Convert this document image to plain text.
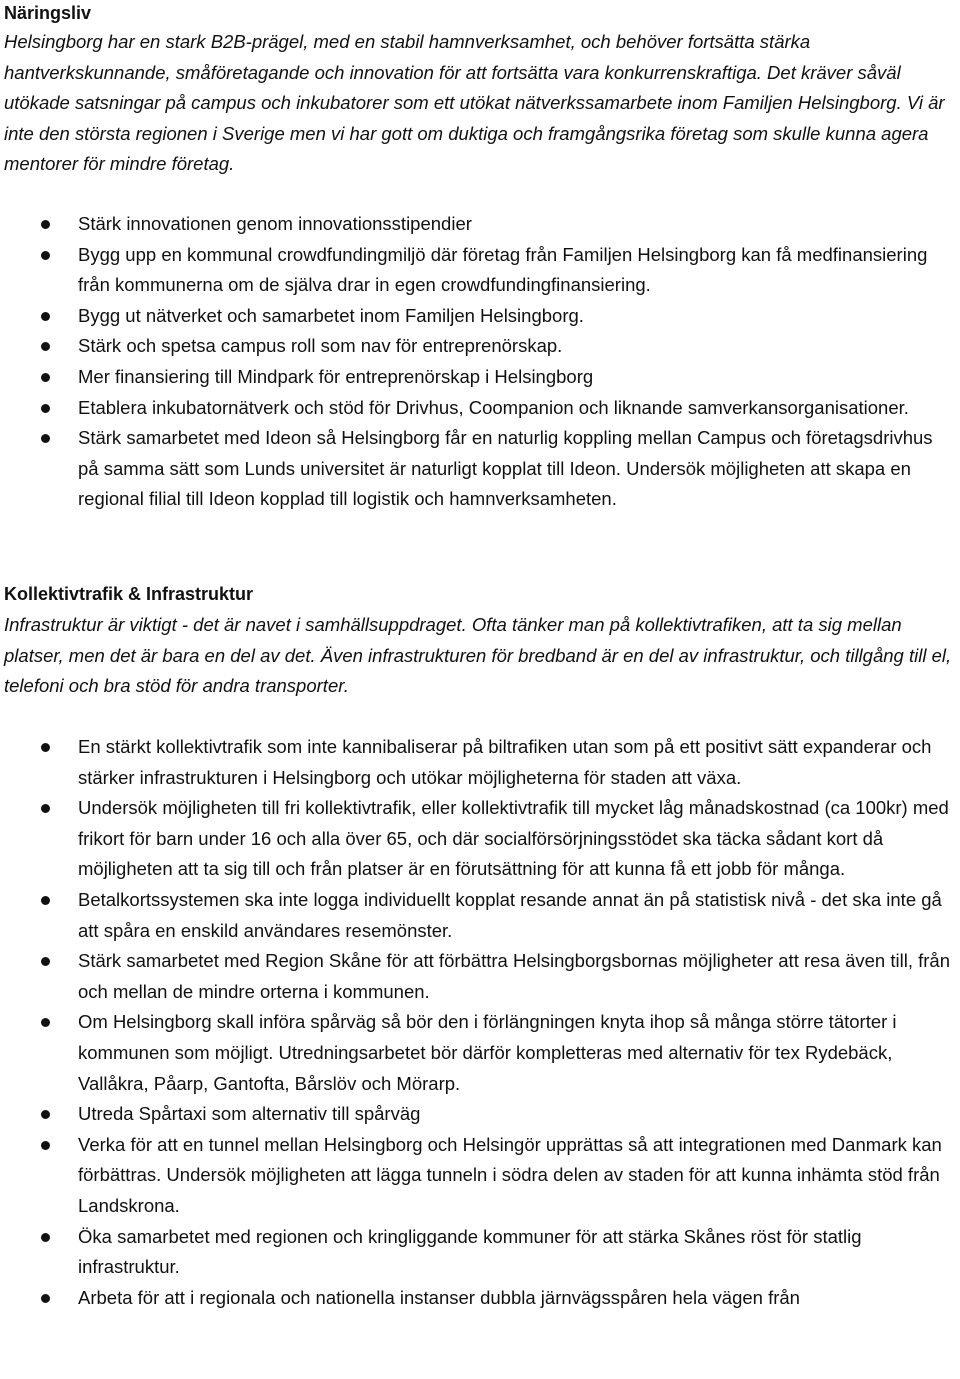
Näringsliv

Helsingborg har en stark B2B-prägel, med en stabil hamnverksamhet, och behöver fortsätta stärka hantverkskunnande, småföretagande och innovation för att fortsätta vara konkurrenskraftiga. Det kräver såväl utökade satsningar på campus och inkubatorer som ett utökat nätverkssamarbete inom Familjen Helsingborg. Vi är inte den största regionen i Sverige men vi har gott om duktiga och framgångsrika företag som skulle kunna agera mentorer för mindre företag.

Stärk innovationen genom innovationsstipendier
Bygg upp en kommunal crowdfundingmiljö där företag från Familjen Helsingborg kan få medfinansiering från kommunerna om de själva drar in egen crowdfundingfinansiering.
Bygg ut nätverket och samarbetet inom Familjen Helsingborg.
Stärk och spetsa campus roll som nav för entreprenörskap.
Mer finansiering till Mindpark för entreprenörskap i Helsingborg
Etablera inkubatornätverk och stöd för Drivhus, Coompanion och liknande samverkansorganisationer.
Stärk samarbetet med Ideon så Helsingborg får en naturlig koppling mellan Campus och företagsdrivhus på samma sätt som Lunds universitet är naturligt kopplat till Ideon. Undersök möjligheten att skapa en regional filial till Ideon kopplad till logistik och hamnverksamheten.
Kollektivtrafik & Infrastruktur

Infrastruktur är viktigt - det är navet i samhällsuppdraget. Ofta tänker man på kollektivtrafiken, att ta sig mellan platser, men det är bara en del av det. Även infrastrukturen för bredband är en del av infrastruktur, och tillgång till el, telefoni och bra stöd för andra transporter.

En stärkt kollektivtrafik som inte kannibaliserar på biltrafiken utan som på ett positivt sätt expanderar och stärker infrastrukturen i Helsingborg och utökar möjligheterna för staden att växa.
Undersök möjligheten till fri kollektivtrafik, eller kollektivtrafik till mycket låg månadskostnad (ca 100kr) med frikort för barn under 16 och alla över 65, och där socialförsörjningsstödet ska täcka sådant kort då möjligheten att ta sig till och från platser är en förutsättning för att kunna få ett jobb för många.
Betalkortssystemen ska inte logga individuellt kopplat resande annat än på statistisk nivå - det ska inte gå att spåra en enskild användares resemönster.
Stärk samarbetet med Region Skåne för att förbättra Helsingborgsbornas möjligheter att resa även till, från och mellan de mindre orterna i kommunen.
Om Helsingborg skall införa spårväg så bör den i förlängningen knyta ihop så många större tätorter i kommunen som möjligt. Utredningsarbetet bör därför kompletteras med alternativ för tex Rydebäck, Vallåkra, Påarp, Gantofta, Bårslöv och Mörarp.
Utreda Spårtaxi som alternativ till spårväg
Verka för att en tunnel mellan Helsingborg och Helsingör upprättas så att integrationen med Danmark kan förbättras. Undersök möjligheten att lägga tunneln i södra delen av staden för att kunna inhämta stöd från Landskrona.
Öka samarbetet med regionen och kringliggande kommuner för att stärka Skånes röst för statlig infrastruktur.
Arbeta för att i regionala och nationella instanser dubbla järnvägsspåren hela vägen från
